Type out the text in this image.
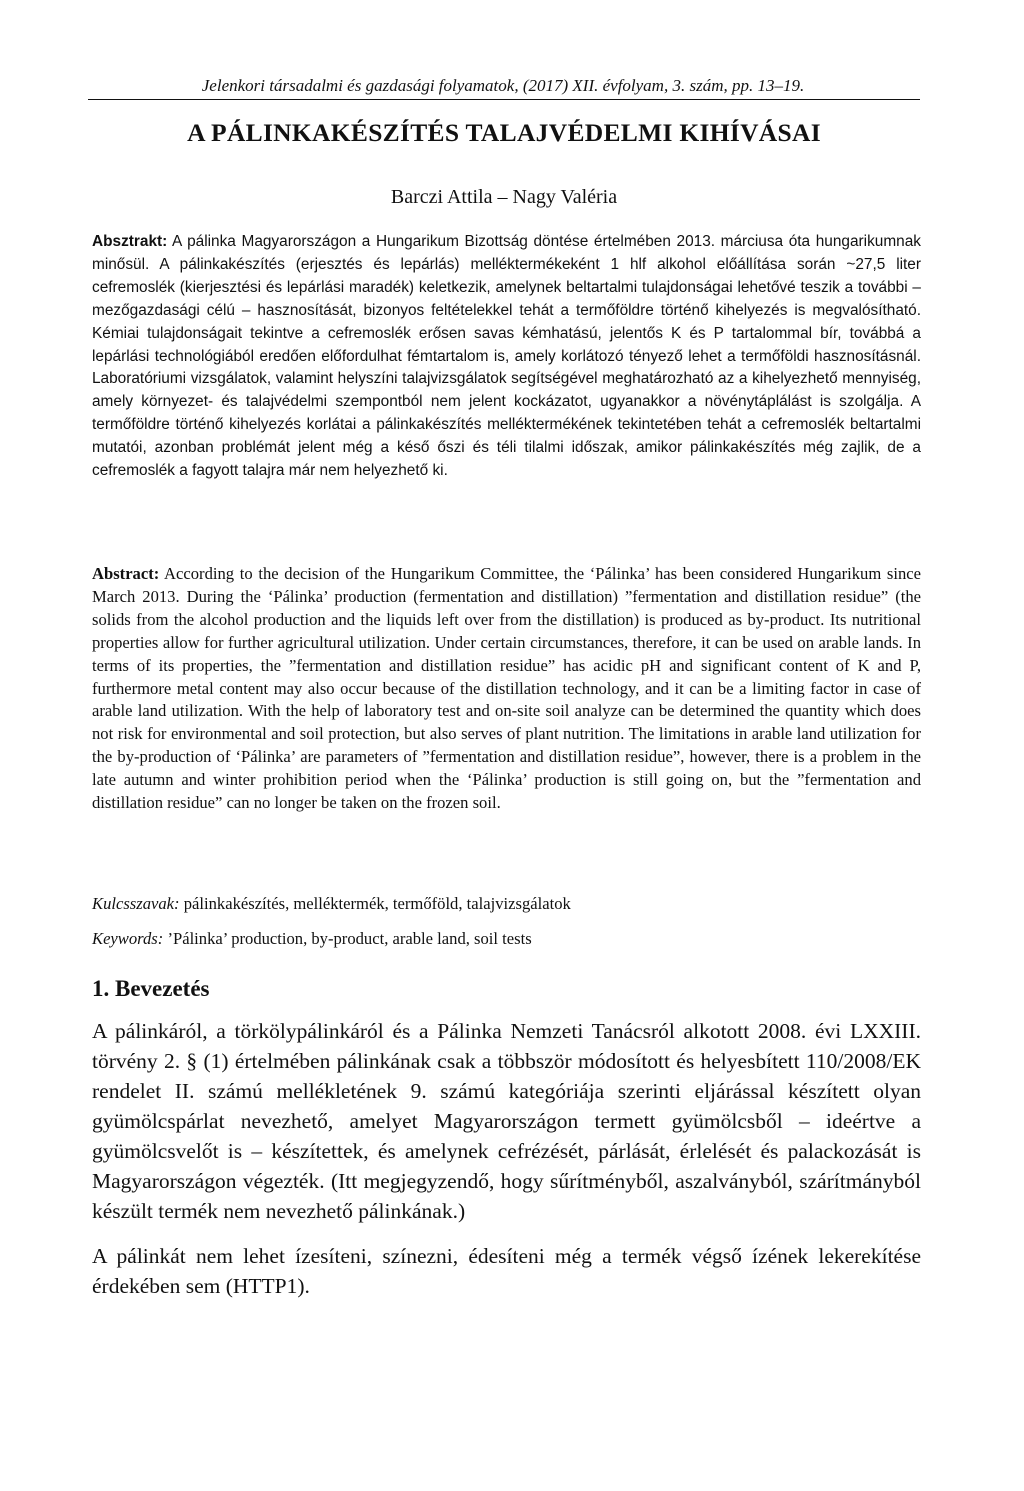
Jelenkori társadalmi és gazdasági folyamatok, (2017) XII. évfolyam, 3. szám, pp. 13–19.
A PÁLINKAKÉSZÍTÉS TALAJVÉDELMI KIHÍVÁSAI
Barczi Attila – Nagy Valéria

Absztrakt: A pálinka Magyarországon a Hungarikum Bizottság döntése értelmében 2013. márciusa óta hungarikumnak minősül. A pálinkakészítés (erjesztés és lepárlás) melléktermékeként 1 hlf alkohol előállítása során ~27,5 liter cefremoslék (kierjesztési és lepárlási maradék) keletkezik, amelynek beltartalmi tulajdonságai lehetővé teszik a további – mezőgazdasági célú – hasznosítását, bizonyos feltételekkel tehát a termőföldre történő kihelyezés is megvalósítható. Kémiai tulajdonságait tekintve a cefremoslék erősen savas kémhatású, jelentős K és P tartalommal bír, továbbá a lepárlási technológiából eredően előfordulhat fémtartalom is, amely korlátozó tényező lehet a termőföldi hasznosításnál. Laboratóriumi vizsgálatok, valamint helyszíni talajvizsgálatok segítségével meghatározható az a kihelyezhető mennyiség, amely környezet- és talajvédelmi szempontból nem jelent kockázatot, ugyanakkor a növénytáplálást is szolgálja. A termőföldre történő kihelyezés korlátai a pálinkakészítés melléktermékének tekintetében tehát a cefremoslék beltartalmi mutatói, azonban problémát jelent még a késő őszi és téli tilalmi időszak, amikor pálinkakészítés még zajlik, de a cefremoslék a fagyott talajra már nem helyezhető ki.

Abstract: According to the decision of the Hungarikum Committee, the ‘Pálinka’ has been considered Hungarikum since March 2013. During the ‘Pálinka’ production (fermentation and distillation) ”fermentation and distillation residue” (the solids from the alcohol production and the liquids left over from the distillation) is produced as by-product. Its nutritional properties allow for further agricultural utilization. Under certain circumstances, therefore, it can be used on arable lands. In terms of its properties, the ”fermentation and distillation residue” has acidic pH and significant content of K and P, furthermore metal content may also occur because of the distillation technology, and it can be a limiting factor in case of arable land utilization. With the help of laboratory test and on-site soil analyze can be determined the quantity which does not risk for environmental and soil protection, but also serves of plant nutrition. The limitations in arable land utilization for the by-production of ‘Pálinka’ are parameters of ”fermentation and distillation residue”, however, there is a problem in the late autumn and winter prohibition period when the ‘Pálinka’ production is still going on, but the ”fermentation and distillation residue” can no longer be taken on the frozen soil.

Kulcsszavak: pálinkakészítés, melléktermék, termőföld, talajvizsgálatok

Keywords: ’Pálinka’ production, by-product, arable land, soil tests

1. Bevezetés

A pálinkáról, a törkölypálinkáról és a Pálinka Nemzeti Tanácsról alkotott 2008. évi LXXIII. törvény 2. § (1) értelmében pálinkának csak a többször módosított és helyesbített 110/2008/EK rendelet II. számú mellékletének 9. számú kategóriája szerinti eljárással készített olyan gyümölcspárlat nevezhető, amelyet Magyarországon termett gyümölcsből – ideértve a gyümölcsvelőt is – készítettek, és amelynek cefrézését, párlását, érlelését és palackozását is Magyarországon végezték. (Itt megjegyzendő, hogy sűrítményből, aszalványból, szárítmányból készült termék nem nevezhető pálinkának.)

A pálinkát nem lehet ízesíteni, színezni, édesíteni még a termék végső ízének lekerekítése érdekében sem (HTTP1).
